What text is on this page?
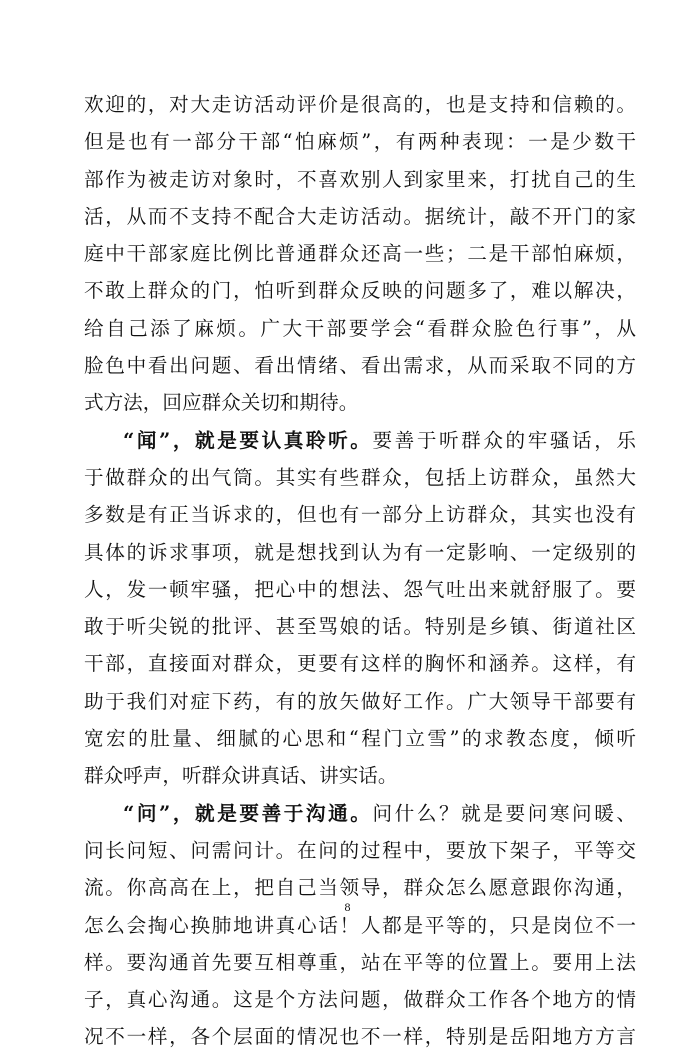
欢迎的，对大走访活动评价是很高的，也是支持和信赖的。
但是也有一部分干部“怕麻烦”，有两种表现：一是少数干
部作为被走访对象时，不喜欢别人到家里来，打扰自己的生
活，从而不支持不配合大走访活动。据统计，敲不开门的家
庭中干部家庭比例比普通群众还高一些；二是干部怕麻烦，
不敢上群众的门，怕听到群众反映的问题多了，难以解决，
给自己添了麻烦。广大干部要学会“看群众脸色行事”，从
脸色中看出问题、看出情绪、看出需求，从而采取不同的方
式方法，回应群众关切和期待。
“闻”，就是要认真聆听。要善于听群众的牢骚话，乐
于做群众的出气筒。其实有些群众，包括上访群众，虽然大
多数是有正当诉求的，但也有一部分上访群众，其实也没有
具体的诉求事项，就是想找到认为有一定影响、一定级别的
人，发一顿牢骚，把心中的想法、怨气吐出来就舒服了。要
敢于听尖锐的批评、甚至骂娘的话。特别是乡镇、街道社区
干部，直接面对群众，更要有这样的胸怀和涵养。这样，有
助于我们对症下药，有的放矢做好工作。广大领导干部要有
宽宏的肚量、细腻的心思和“程门立雪”的求教态度，倾听
群众呼声，听群众讲真话、讲实话。
“问”，就是要善于沟通。问什么？就是要问寒问暖、
问长问短、问需问计。在问的过程中，要放下架子，平等交
流。你高高在上，把自己当领导，群众怎么愿意跟你沟通，
怎么会掏心换肺地讲真心话！人都是平等的，只是岗位不一
样。要沟通首先要互相尊重，站在平等的位置上。要用上法
子，真心沟通。这是个方法问题，做群众工作各个地方的情
况不一样，各个层面的情况也不一样，特别是岳阳地方方言
8
